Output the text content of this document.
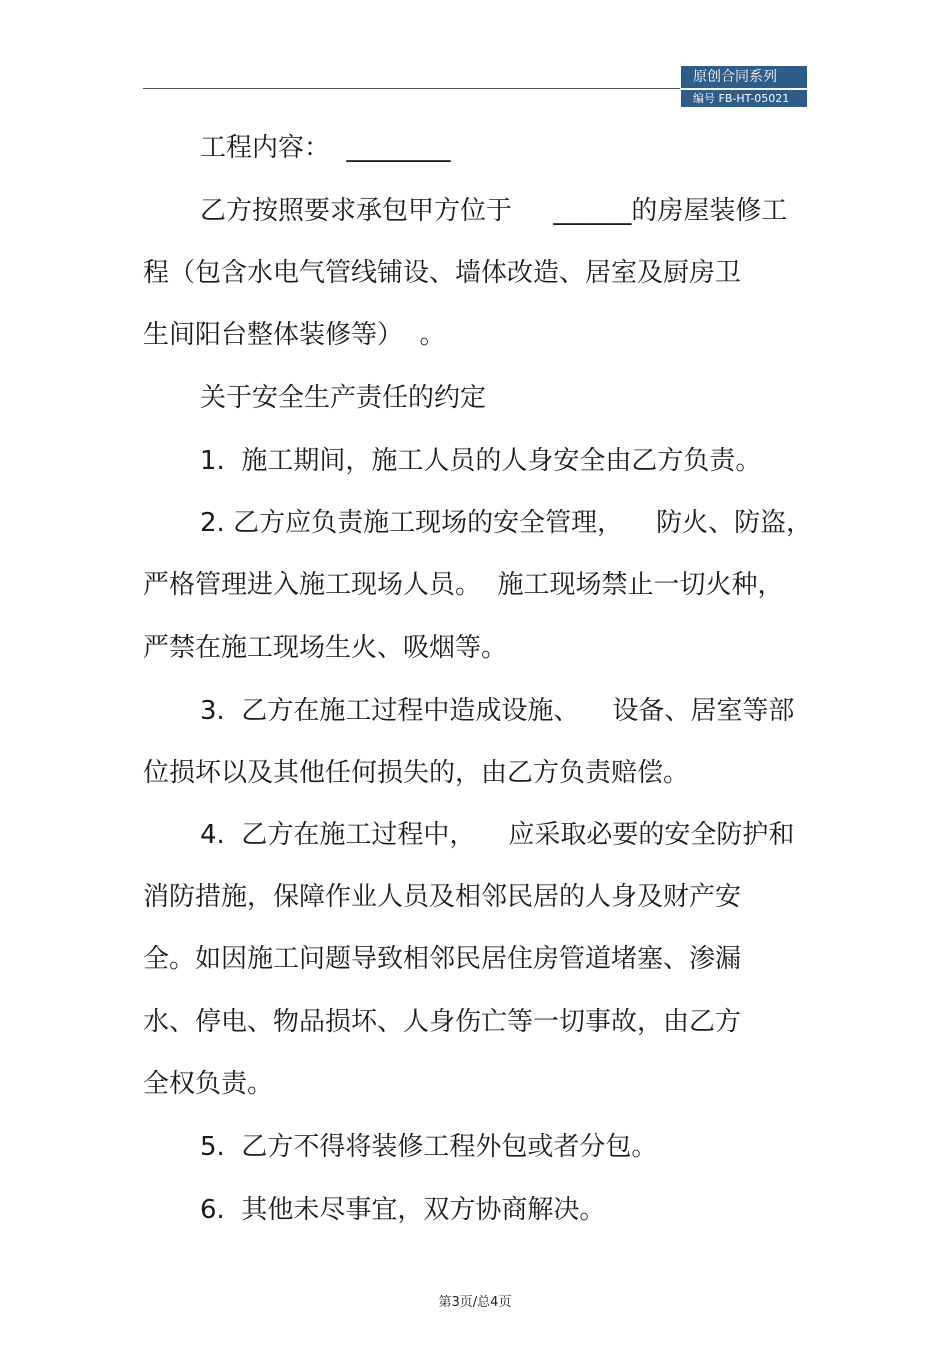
原创合同系列
编号 FB-HT-05021
工程内容：  ________
乙方按照要求承包甲方位于     ______的房屋装修工
程（包含水电气管线铺设、墙体改造、居室及厨房卫
生间阳台整体装修等）  。
关于安全生产责任的约定
1.  施工期间，施工人员的人身安全由乙方负责。
2. 乙方应负责施工现场的安全管理，    防火、防盗，
严格管理进入施工现场人员。  施工现场禁止一切火种，
严禁在施工现场生火、吸烟等。
3.  乙方在施工过程中造成设施、    设备、居室等部
位损坏以及其他任何损失的，由乙方负责赔偿。
4.  乙方在施工过程中，    应采取必要的安全防护和
消防措施，保障作业人员及相邻民居的人身及财产安
全。如因施工问题导致相邻民居住房管道堵塞、渗漏
水、停电、物品损坏、人身伤亡等一切事故，由乙方
全权负责。
5.  乙方不得将装修工程外包或者分包。
6.  其他未尽事宜，双方协商解决。
第3页/总4页
